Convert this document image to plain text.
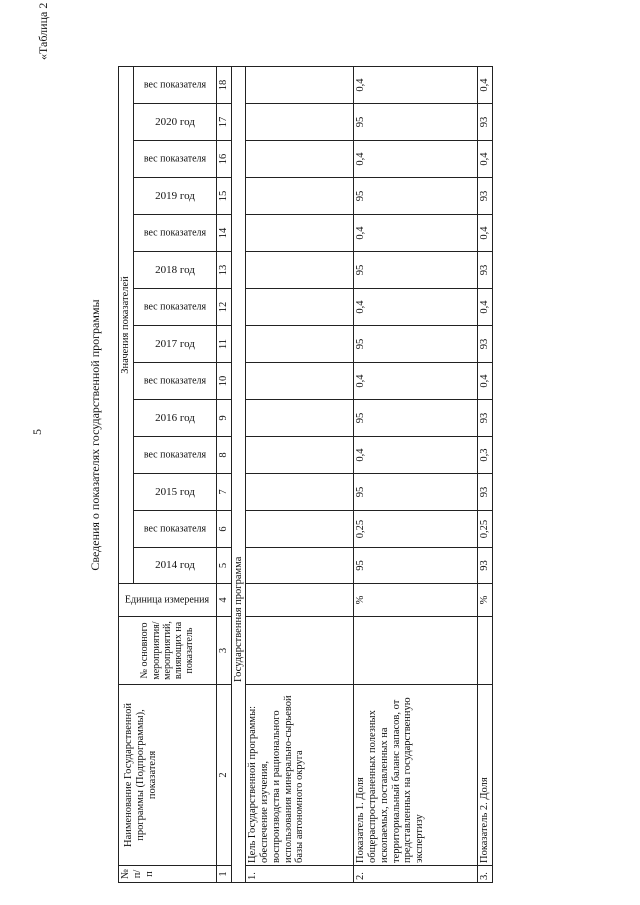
5
«Таблица 2
Сведения о показателях государственной программы
№ п/п	Наименование Государственной программы (Подпрограммы), показателя	№ основного мероприятия/ мероприятий, влияющих на показатель	Единица измерения	Значения показателей													

				2014 год	вес показателя	2015 год	вес показателя	2016 год	вес показателя	2017 год	вес показателя	2018 год	вес показателя	2019 год	вес показателя	2020 год	вес показателя

1	2	3	4	5	6	7	8	9	10	11	12	13	14	15	16	17	18
Государственная программа																	
1.	Цель Государственной программы: обеспечение изучения, воспроизводства и рационального использования минерально-сырьевой базы автономного округа																
2.	Показатель 1. Доля общераспространенных полезных ископаемых, поставленных на территориальный баланс запасов, от представленных на государственную экспертизу		%	95	0,25	95	0,4	95	0,4	95	0,4	95	0,4	95	0,4	95	0,4
3.	Показатель 2. Доля		%	93	0,25	93	0,3	93	0,4	93	0,4	93	0,4	93	0,4	93	0,4
